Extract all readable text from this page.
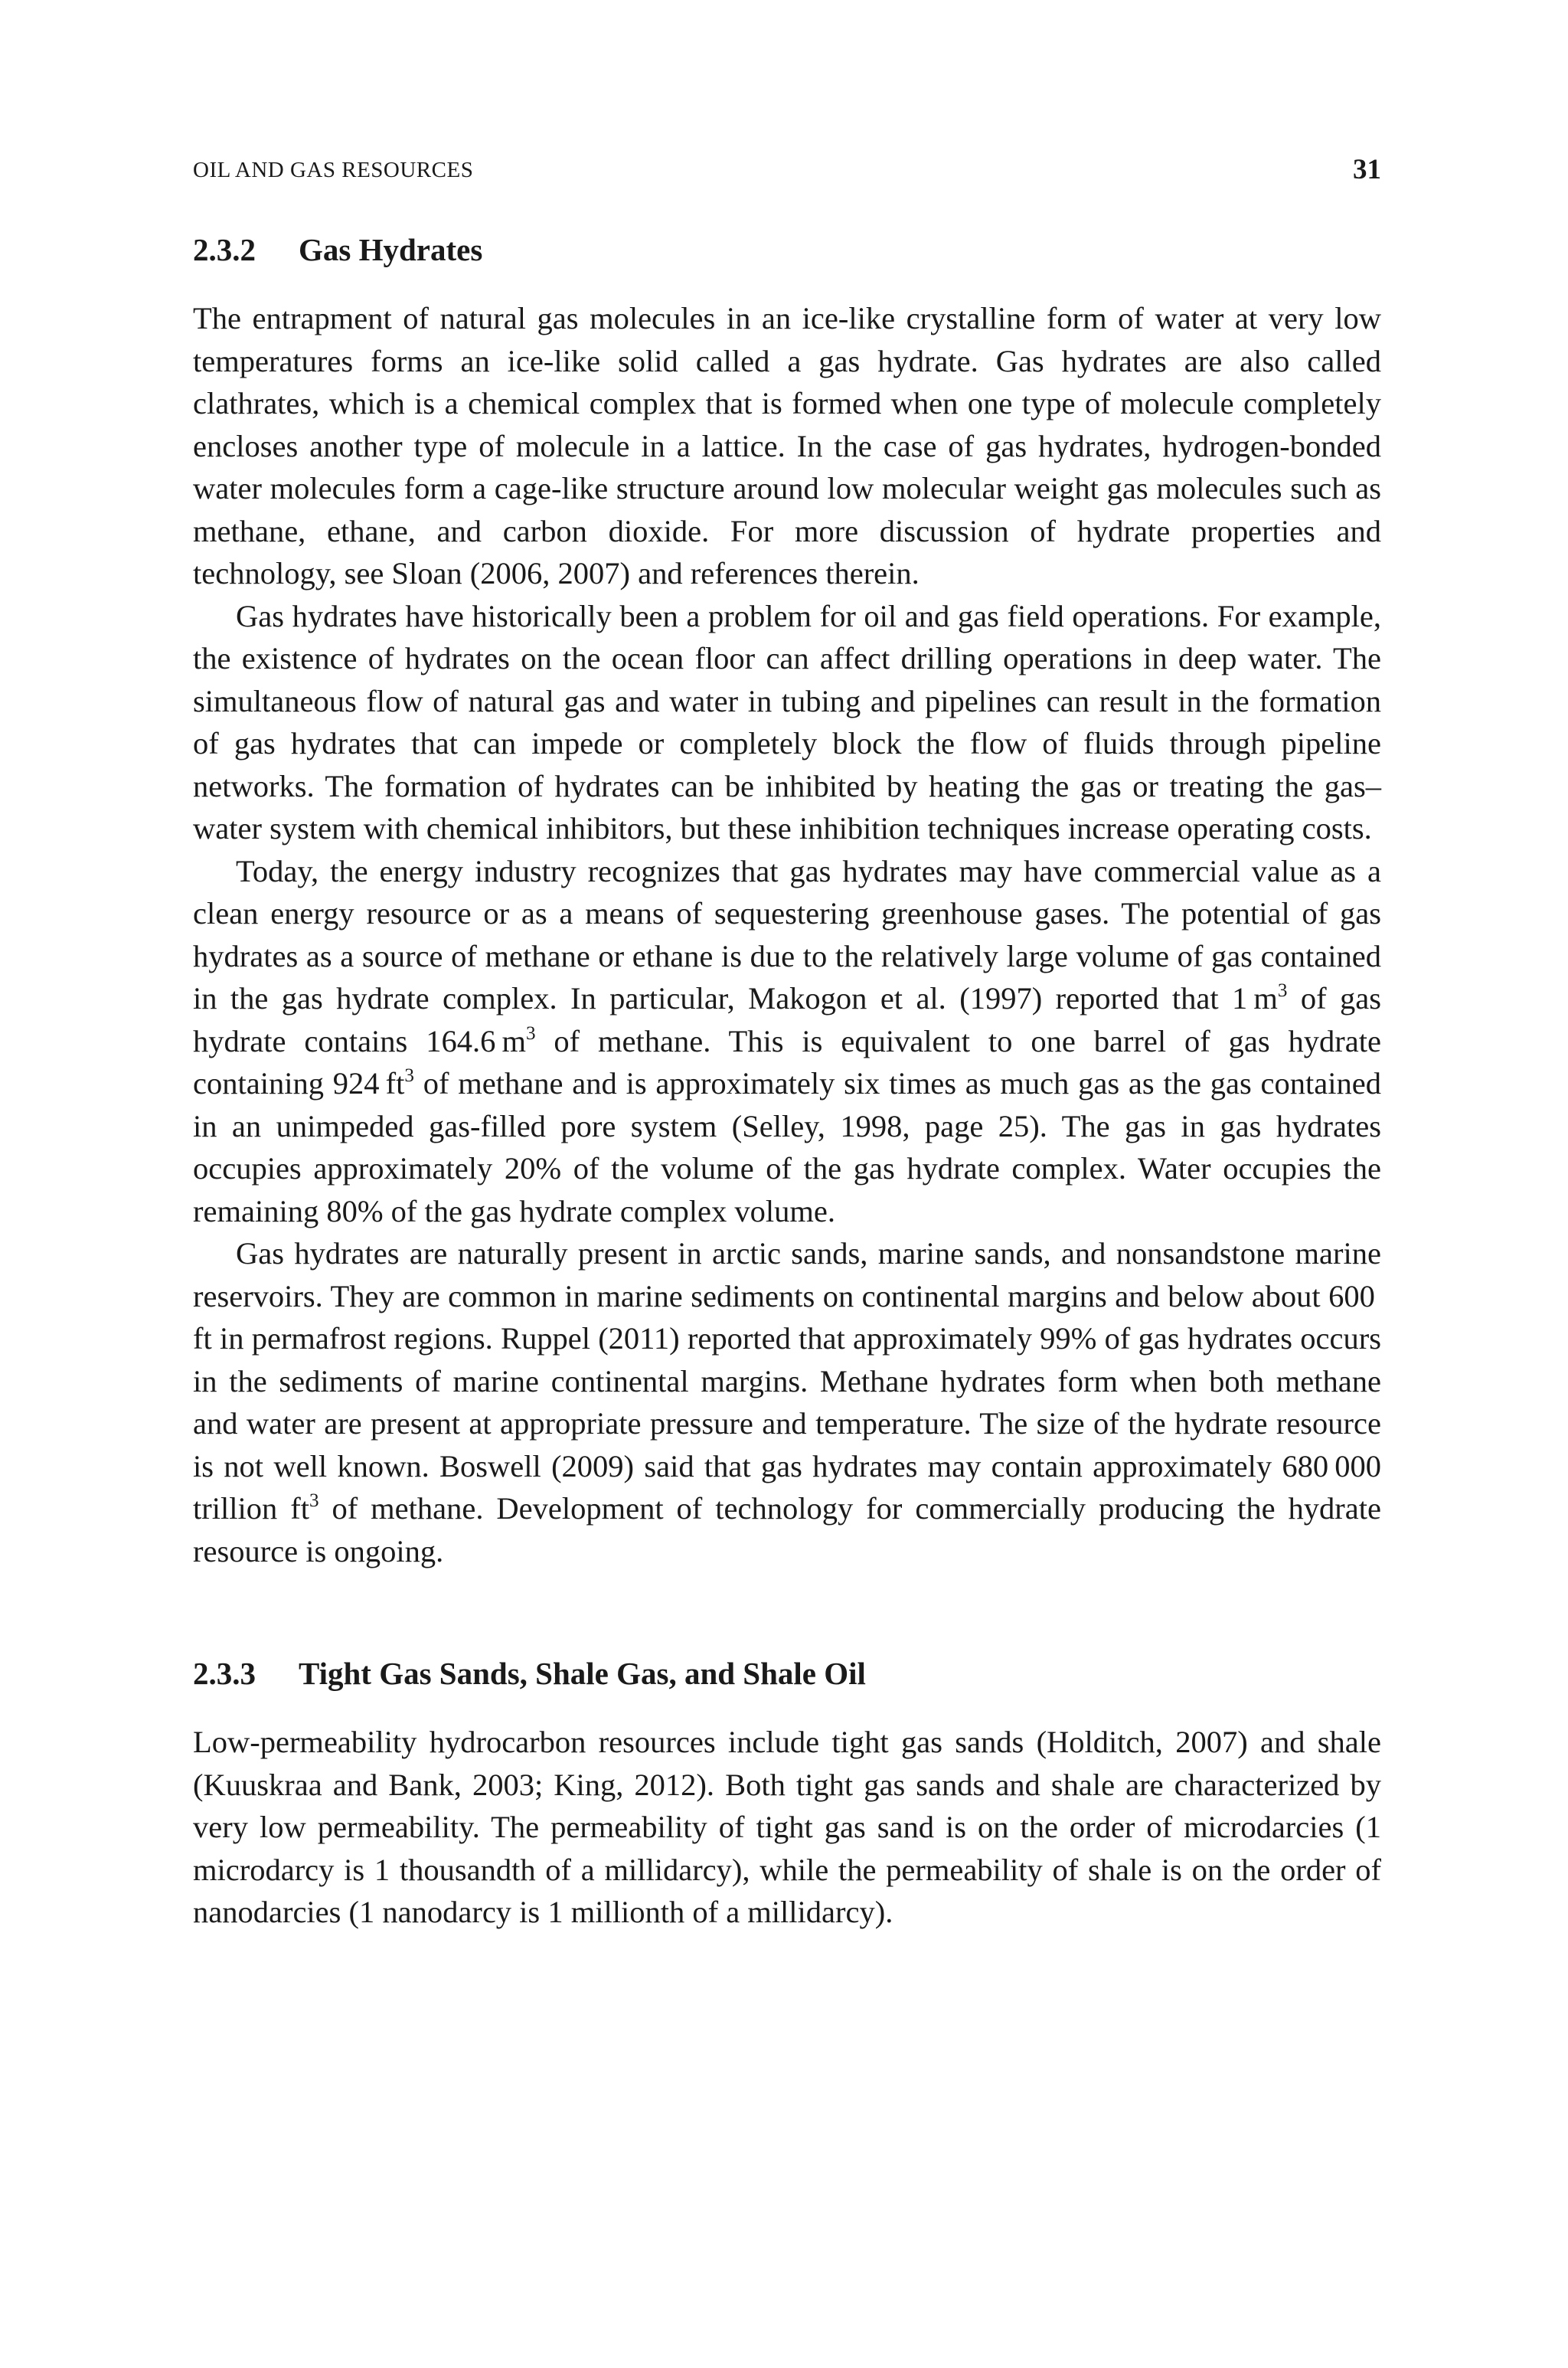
OIL AND GAS RESOURCES	31
2.3.2 Gas Hydrates

The entrapment of natural gas molecules in an ice-like crystalline form of water at very low temperatures forms an ice-like solid called a gas hydrate. Gas hydrates are also called clathrates, which is a chemical complex that is formed when one type of molecule completely encloses another type of molecule in a lattice. In the case of gas hydrates, hydrogen-bonded water molecules form a cage-like structure around low molecular weight gas molecules such as methane, ethane, and carbon dioxide. For more discussion of hydrate properties and technology, see Sloan (2006, 2007) and references therein.

Gas hydrates have historically been a problem for oil and gas field operations. For example, the existence of hydrates on the ocean floor can affect drilling operations in deep water. The simultaneous flow of natural gas and water in tubing and pipelines can result in the formation of gas hydrates that can impede or completely block the flow of fluids through pipeline networks. The formation of hydrates can be inhibited by heating the gas or treating the gas–water system with chemical inhibitors, but these inhibition techniques increase operating costs.

Today, the energy industry recognizes that gas hydrates may have commercial value as a clean energy resource or as a means of sequestering greenhouse gases. The potential of gas hydrates as a source of methane or ethane is due to the relatively large volume of gas contained in the gas hydrate complex. In particular, Makogon et al. (1997) reported that 1 $m^3$ of gas hydrate contains 164.6 $m^3$ of methane. This is equivalent to one barrel of gas hydrate containing 924 $ft^3$ of methane and is approximately six times as much gas as the gas contained in an unimpeded gas-filled pore system (Selley, 1998, page 25). The gas in gas hydrates occupies approximately 20% of the volume of the gas hydrate complex. Water occupies the remaining 80% of the gas hydrate complex volume.

Gas hydrates are naturally present in arctic sands, marine sands, and nonsandstone marine reservoirs. They are common in marine sediments on continental margins and below about 600 ft in permafrost regions. Ruppel (2011) reported that approximately 99% of gas hydrates occurs in the sediments of marine continental margins. Methane hydrates form when both methane and water are present at appropriate pressure and temperature. The size of the hydrate resource is not well known. Boswell (2009) said that gas hydrates may contain approximately 680 000 trillion $ft^3$ of methane. Development of technology for commercially producing the hydrate resource is ongoing.

2.3.3 Tight Gas Sands, Shale Gas, and Shale Oil

Low-permeability hydrocarbon resources include tight gas sands (Holditch, 2007) and shale (Kuuskraa and Bank, 2003; King, 2012). Both tight gas sands and shale are characterized by very low permeability. The permeability of tight gas sand is on the order of microdarcies (1 microdarcy is 1 thousandth of a millidarcy), while the permeability of shale is on the order of nanodarcies (1 nanodarcy is 1 millionth of a millidarcy).
